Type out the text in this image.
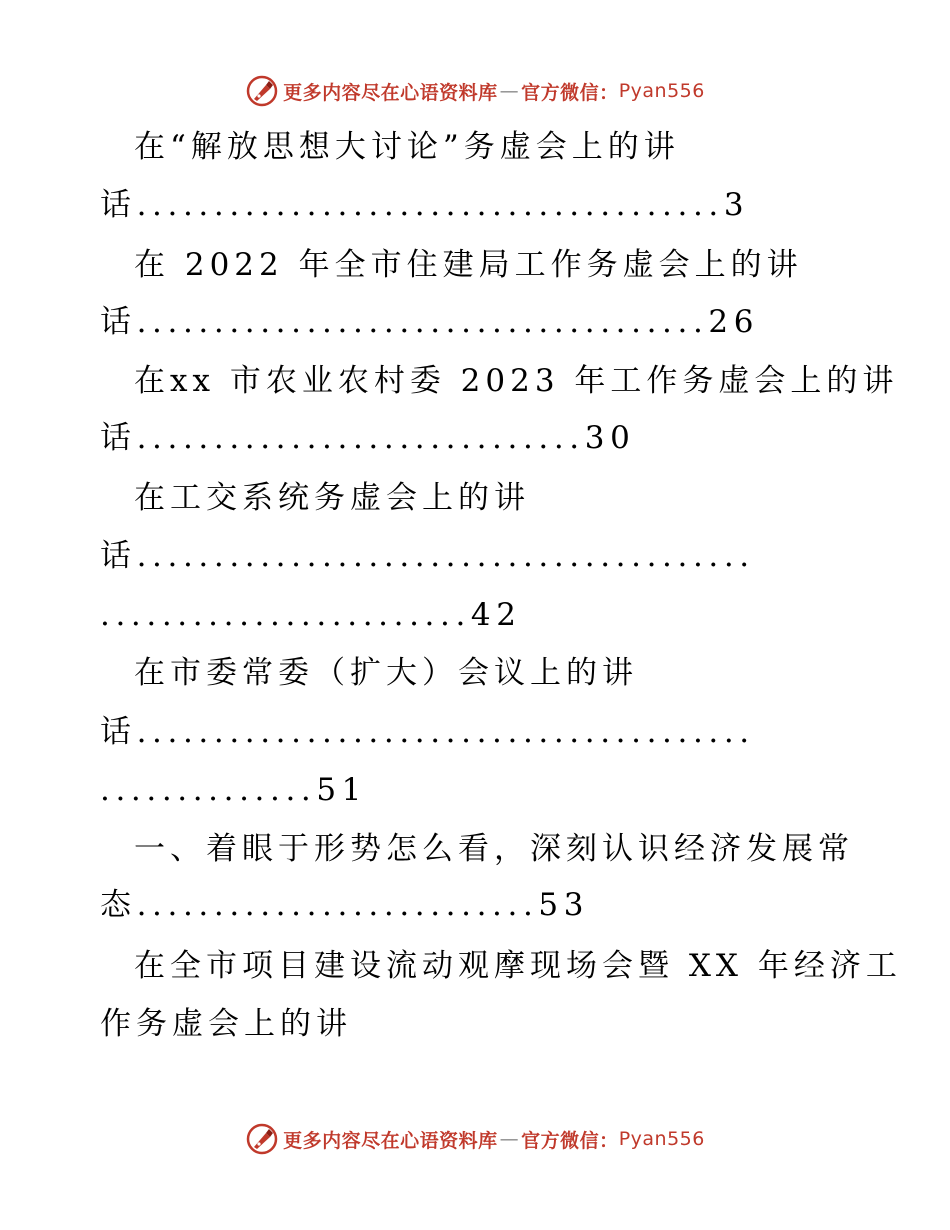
更多内容尽在心语资料库 — 官方微信： Pyan556
在“解放思想大讨论”务虚会上的讲
话......................................3
在 2022 年全市住建局工作务虚会上的讲
话.....................................26
在xx 市农业农村委 2023 年工作务虚会上的讲
话.............................30
在工交系统务虚会上的讲
话........................................
........................42
在市委常委（扩大）会议上的讲
话........................................
..............51
一、着眼于形势怎么看，深刻认识经济发展常
态..........................53
在全市项目建设流动观摩现场会暨 XX 年经济工
作务虚会上的讲
更多内容尽在心语资料库 — 官方微信： Pyan556
